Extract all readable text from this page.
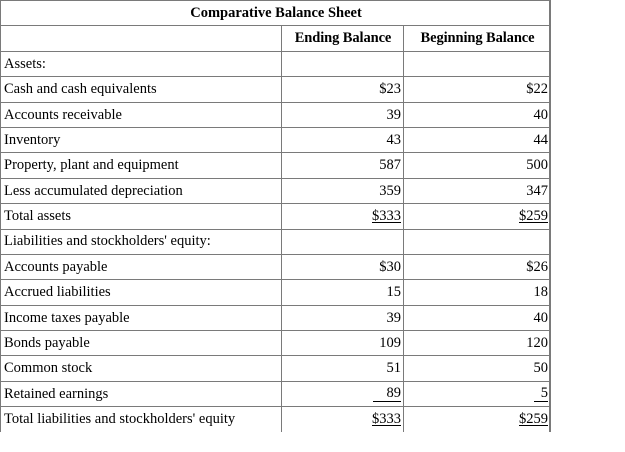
Comparative Balance Sheet		
	Ending Balance	Beginning Balance
Assets:		
Cash and cash equivalents	$23	$22
Accounts receivable	39	40
Inventory	43	44
Property, plant and equipment	587	500
Less accumulated depreciation	359	347
Total assets	$333	$259
Liabilities and stockholders' equity:		
Accounts payable	$30	$26
Accrued liabilities	15	18
Income taxes payable	39	40
Bonds payable	109	120
Common stock	51	50
Retained earnings	89	5
Total liabilities and stockholders' equity	$333	$259
